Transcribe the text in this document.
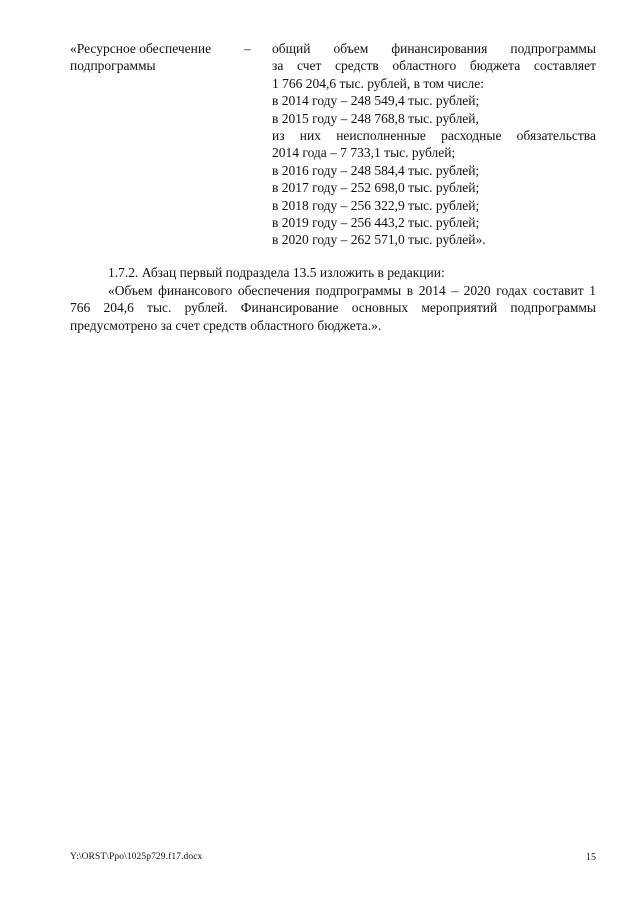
«Ресурсное обеспечение подпрограммы
– общий объем финансирования подпрограммы
за счет средств областного бюджета составляет
1 766 204,6 тыс. рублей, в том числе:
в 2014 году – 248 549,4 тыс. рублей;
в 2015 году – 248 768,8 тыс. рублей,
из них неисполненные расходные обязательства
2014 года – 7 733,1 тыс. рублей;
в 2016 году – 248 584,4 тыс. рублей;
в 2017 году – 252 698,0 тыс. рублей;
в 2018 году – 256 322,9 тыс. рублей;
в 2019 году – 256 443,2 тыс. рублей;
в 2020 году – 262 571,0 тыс. рублей».
1.7.2. Абзац первый подраздела 13.5 изложить в редакции:
«Объем финансового обеспечения подпрограммы в 2014 – 2020 годах составит 1 766 204,6 тыс. рублей. Финансирование основных мероприятий подпрограммы предусмотрено за счет средств областного бюджета.».
Y:\ORST\Ppo\1025p729.f17.docx	15
